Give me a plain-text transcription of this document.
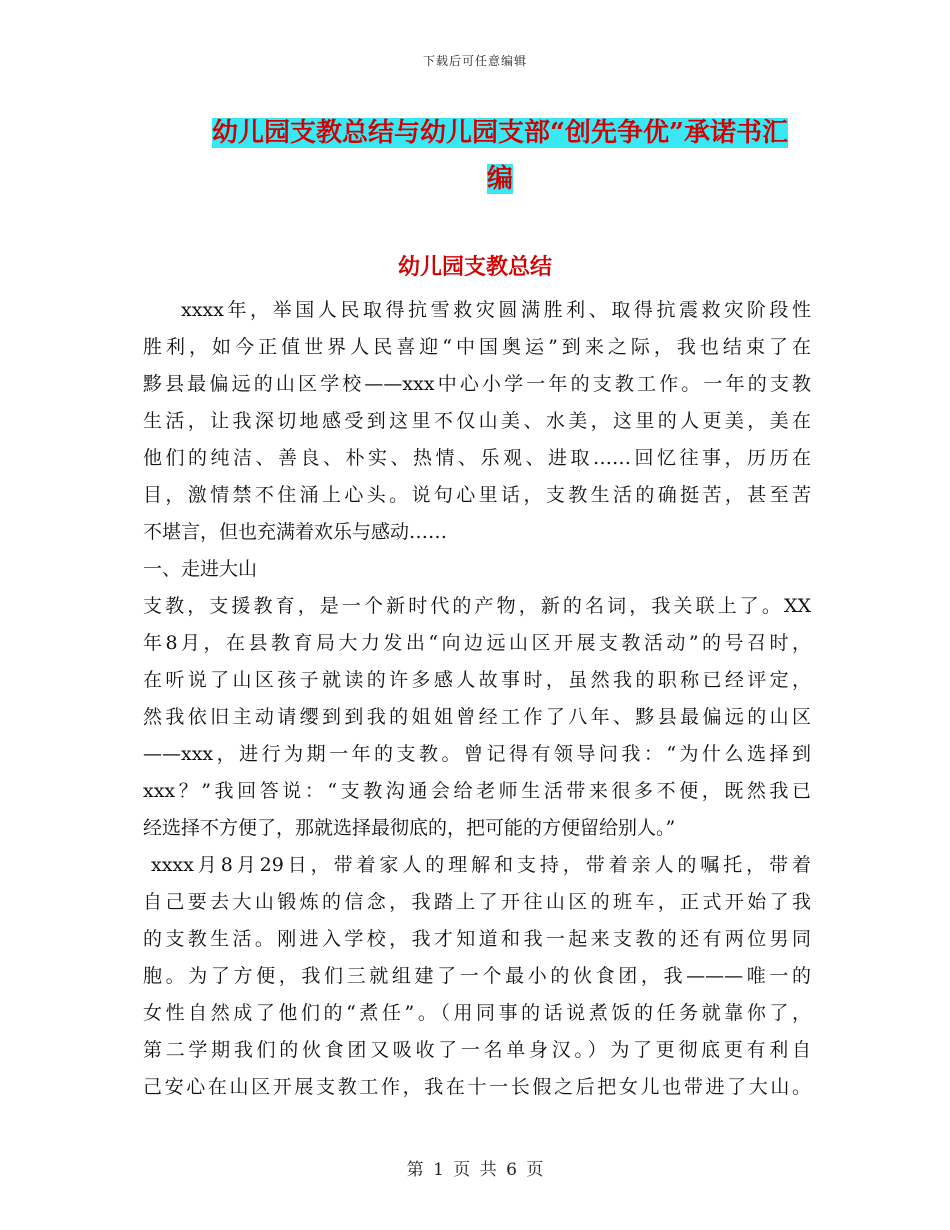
下载后可任意编辑
幼儿园支教总结与幼儿园支部“创先争优”承诺书汇
编
幼儿园支教总结
xxxx年，举国人民取得抗雪救灾圆满胜利、取得抗震救灾阶段性
胜利，如今正值世界人民喜迎“中国奥运”到来之际，我也结束了在
黟县最偏远的山区学校——xxx中心小学一年的支教工作。一年的支教
生活，让我深切地感受到这里不仅山美、水美，这里的人更美，美在
他们的纯洁、善良、朴实、热情、乐观、进取……回忆往事，历历在
目，激情禁不住涌上心头。说句心里话，支教生活的确挺苦，甚至苦
不堪言，但也充满着欢乐与感动……
一、走进大山
支教，支援教育，是一个新时代的产物，新的名词，我关联上了。XX
年8月，在县教育局大力发出“向边远山区开展支教活动”的号召时，
在听说了山区孩子就读的许多感人故事时，虽然我的职称已经评定，
然我依旧主动请缨到到我的姐姐曾经工作了八年、黟县最偏远的山区
——xxx，进行为期一年的支教。曾记得有领导问我：“为什么选择到
xxx？”我回答说：“支教沟通会给老师生活带来很多不便，既然我已
经选择不方便了，那就选择最彻底的，把可能的方便留给别人。”
xxxx月8月29日，带着家人的理解和支持，带着亲人的嘱托，带着
自己要去大山锻炼的信念，我踏上了开往山区的班车，正式开始了我
的支教生活。刚进入学校，我才知道和我一起来支教的还有两位男同
胞。为了方便，我们三就组建了一个最小的伙食团，我———唯一的
女性自然成了他们的“煮任”。（用同事的话说煮饭的任务就靠你了，
第二学期我们的伙食团又吸收了一名单身汉。）为了更彻底更有利自
己安心在山区开展支教工作，我在十一长假之后把女儿也带进了大山。
第 1 页 共 6 页
